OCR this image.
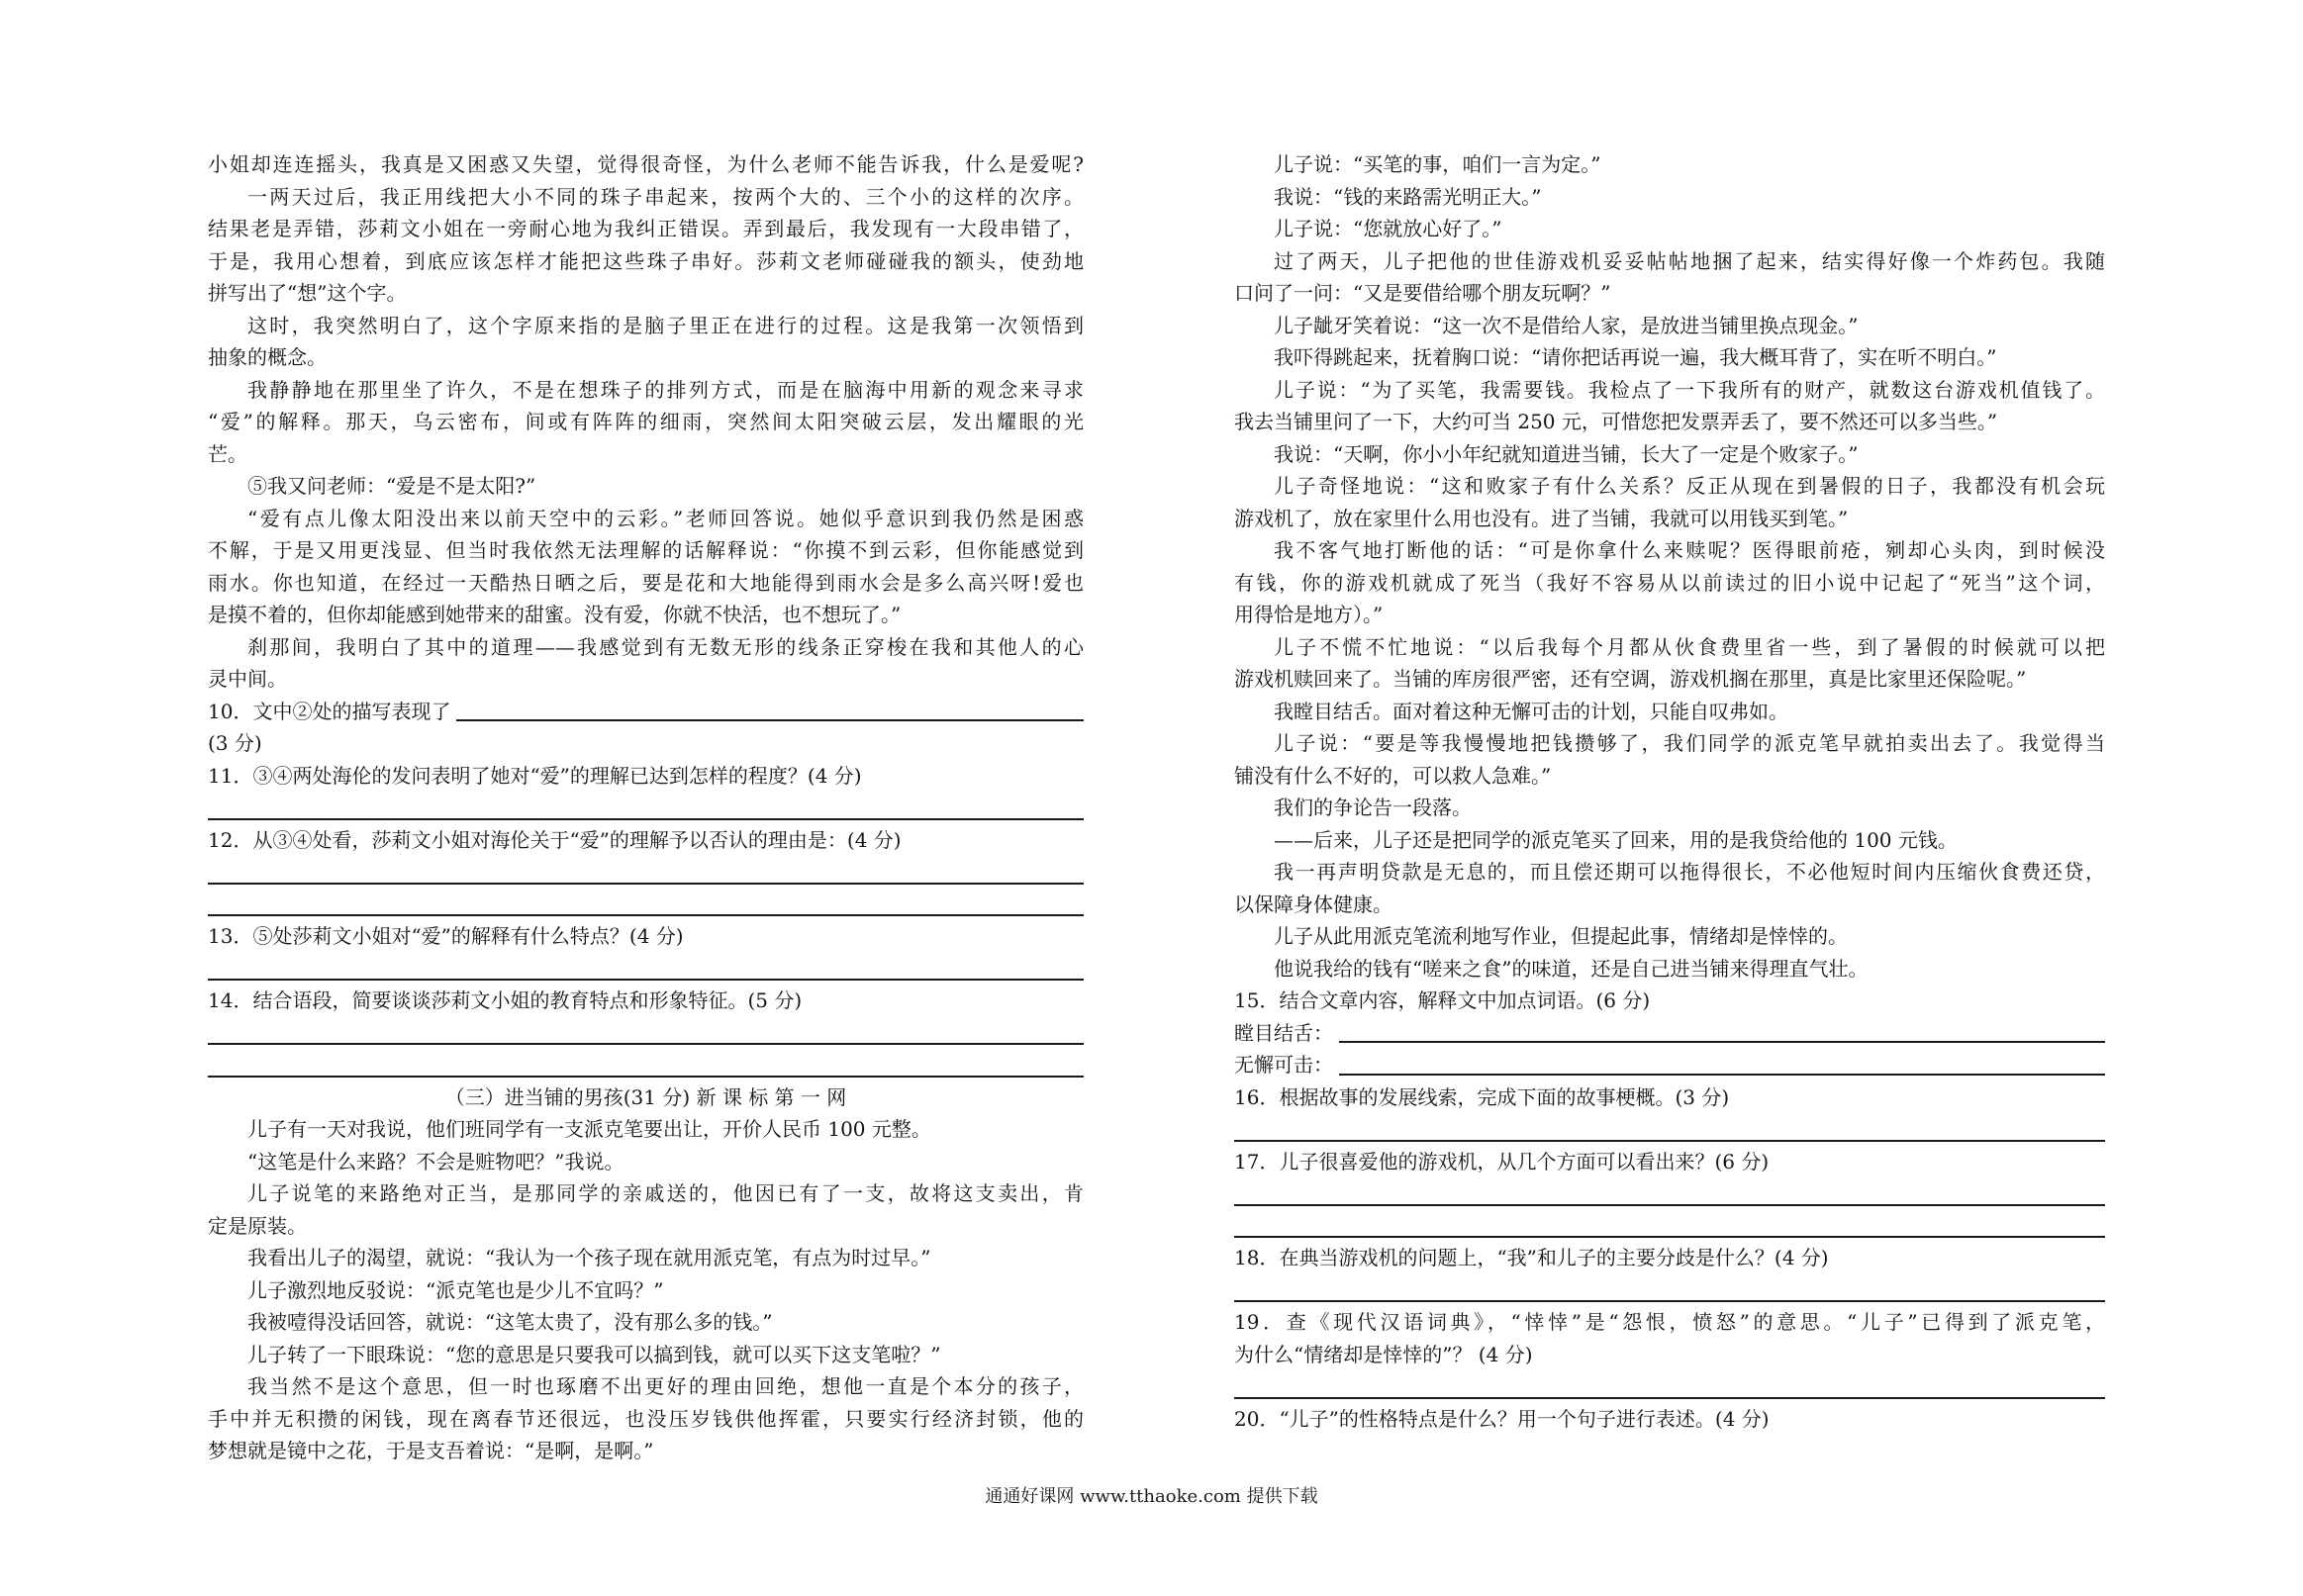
小姐却连连摇头，我真是又困惑又失望，觉得很奇怪，为什么老师不能告诉我，什么是爱呢?
一两天过后，我正用线把大小不同的珠子串起来，按两个大的、三个小的这样的次序。
结果老是弄错，莎莉文小姐在一旁耐心地为我纠正错误。弄到最后，我发现有一大段串错了，
于是，我用心想着，到底应该怎样才能把这些珠子串好。莎莉文老师碰碰我的额头，使劲地
拼写出了“想”这个字。
这时，我突然明白了，这个字原来指的是脑子里正在进行的过程。这是我第一次领悟到
抽象的概念。
我静静地在那里坐了许久，不是在想珠子的排列方式，而是在脑海中用新的观念来寻求
“爱”的解释。那天，乌云密布，间或有阵阵的细雨，突然间太阳突破云层，发出耀眼的光
芒。
⑤我又问老师：“爱是不是太阳?”
“爱有点儿像太阳没出来以前天空中的云彩。”老师回答说。她似乎意识到我仍然是困惑
不解，于是又用更浅显、但当时我依然无法理解的话解释说：“你摸不到云彩，但你能感觉到
雨水。你也知道，在经过一天酷热日晒之后，要是花和大地能得到雨水会是多么高兴呀!爱也
是摸不着的，但你却能感到她带来的甜蜜。没有爱，你就不快活，也不想玩了。”
刹那间，我明白了其中的道理——我感觉到有无数无形的线条正穿梭在我和其他人的心
灵中间。
10．文中②处的描写表现了
(3 分)
11．③④两处海伦的发问表明了她对“爱”的理解已达到怎样的程度？(4 分)
12．从③④处看，莎莉文小姐对海伦关于“爱”的理解予以否认的理由是：(4 分)
13．⑤处莎莉文小姐对“爱”的解释有什么特点？(4 分)
14．结合语段，简要谈谈莎莉文小姐的教育特点和形象特征。(5 分)
（三）进当铺的男孩(31 分) 新 课 标 第 一 网
儿子有一天对我说，他们班同学有一支派克笔要出让，开价人民币 100 元整。
“这笔是什么来路？不会是赃物吧？”我说。
儿子说笔的来路绝对正当，是那同学的亲戚送的，他因已有了一支，故将这支卖出，肯
定是原装。
我看出儿子的渴望，就说：“我认为一个孩子现在就用派克笔，有点为时过早。”
儿子激烈地反驳说：“派克笔也是少儿不宜吗？”
我被噎得没话回答，就说：“这笔太贵了，没有那么多的钱。”
儿子转了一下眼珠说：“您的意思是只要我可以搞到钱，就可以买下这支笔啦？”
我当然不是这个意思，但一时也琢磨不出更好的理由回绝，想他一直是个本分的孩子，
手中并无积攒的闲钱，现在离春节还很远，也没压岁钱供他挥霍，只要实行经济封锁，他的
梦想就是镜中之花，于是支吾着说：“是啊，是啊。”
儿子说：“买笔的事，咱们一言为定。”
我说：“钱的来路需光明正大。”
儿子说：“您就放心好了。”
过了两天，儿子把他的世佳游戏机妥妥帖帖地捆了起来，结实得好像一个炸药包。我随
口问了一问：“又是要借给哪个朋友玩啊？”
儿子龇牙笑着说：“这一次不是借给人家，是放进当铺里换点现金。”
我吓得跳起来，抚着胸口说：“请你把话再说一遍，我大概耳背了，实在听不明白。”
儿子说：“为了买笔，我需要钱。我检点了一下我所有的财产，就数这台游戏机值钱了。
我去当铺里问了一下，大约可当 250 元，可惜您把发票弄丢了，要不然还可以多当些。”
我说：“天啊，你小小年纪就知道进当铺，长大了一定是个败家子。”
儿子奇怪地说：“这和败家子有什么关系？反正从现在到暑假的日子，我都没有机会玩
游戏机了，放在家里什么用也没有。进了当铺，我就可以用钱买到笔。”
我不客气地打断他的话：“可是你拿什么来赎呢？医得眼前疮，剜却心头肉，到时候没
有钱，你的游戏机就成了死当（我好不容易从以前读过的旧小说中记起了“死当”这个词，
用得恰是地方）。”
儿子不慌不忙地说：“以后我每个月都从伙食费里省一些，到了暑假的时候就可以把
游戏机赎回来了。当铺的库房很严密，还有空调，游戏机搁在那里，真是比家里还保险呢。”
我瞠目结舌。面对着这种无懈可击的计划，只能自叹弗如。
儿子说：“要是等我慢慢地把钱攒够了，我们同学的派克笔早就拍卖出去了。我觉得当
铺没有什么不好的，可以救人急难。”
我们的争论告一段落。
——后来，儿子还是把同学的派克笔买了回来，用的是我贷给他的 100 元钱。
我一再声明贷款是无息的，而且偿还期可以拖得很长，不必他短时间内压缩伙食费还贷，
以保障身体健康。
儿子从此用派克笔流利地写作业，但提起此事，情绪却是悻悻的。
他说我给的钱有“嗟来之食”的味道，还是自己进当铺来得理直气壮。
15．结合文章内容，解释文中加点词语。(6 分)
瞠目结舌：
无懈可击：
16．根据故事的发展线索，完成下面的故事梗概。(3 分)
17．儿子很喜爱他的游戏机，从几个方面可以看出来？(6 分)
18．在典当游戏机的问题上，“我”和儿子的主要分歧是什么？(4 分)
19．查《现代汉语词典》，“悻悻”是“怨恨，愤怒”的意思。“儿子”已得到了派克笔，
为什么“情绪却是悻悻的”？ (4 分)
20．“儿子”的性格特点是什么？用一个句子进行表述。(4 分)
通通好课网 www.tthaoke.com 提供下载
